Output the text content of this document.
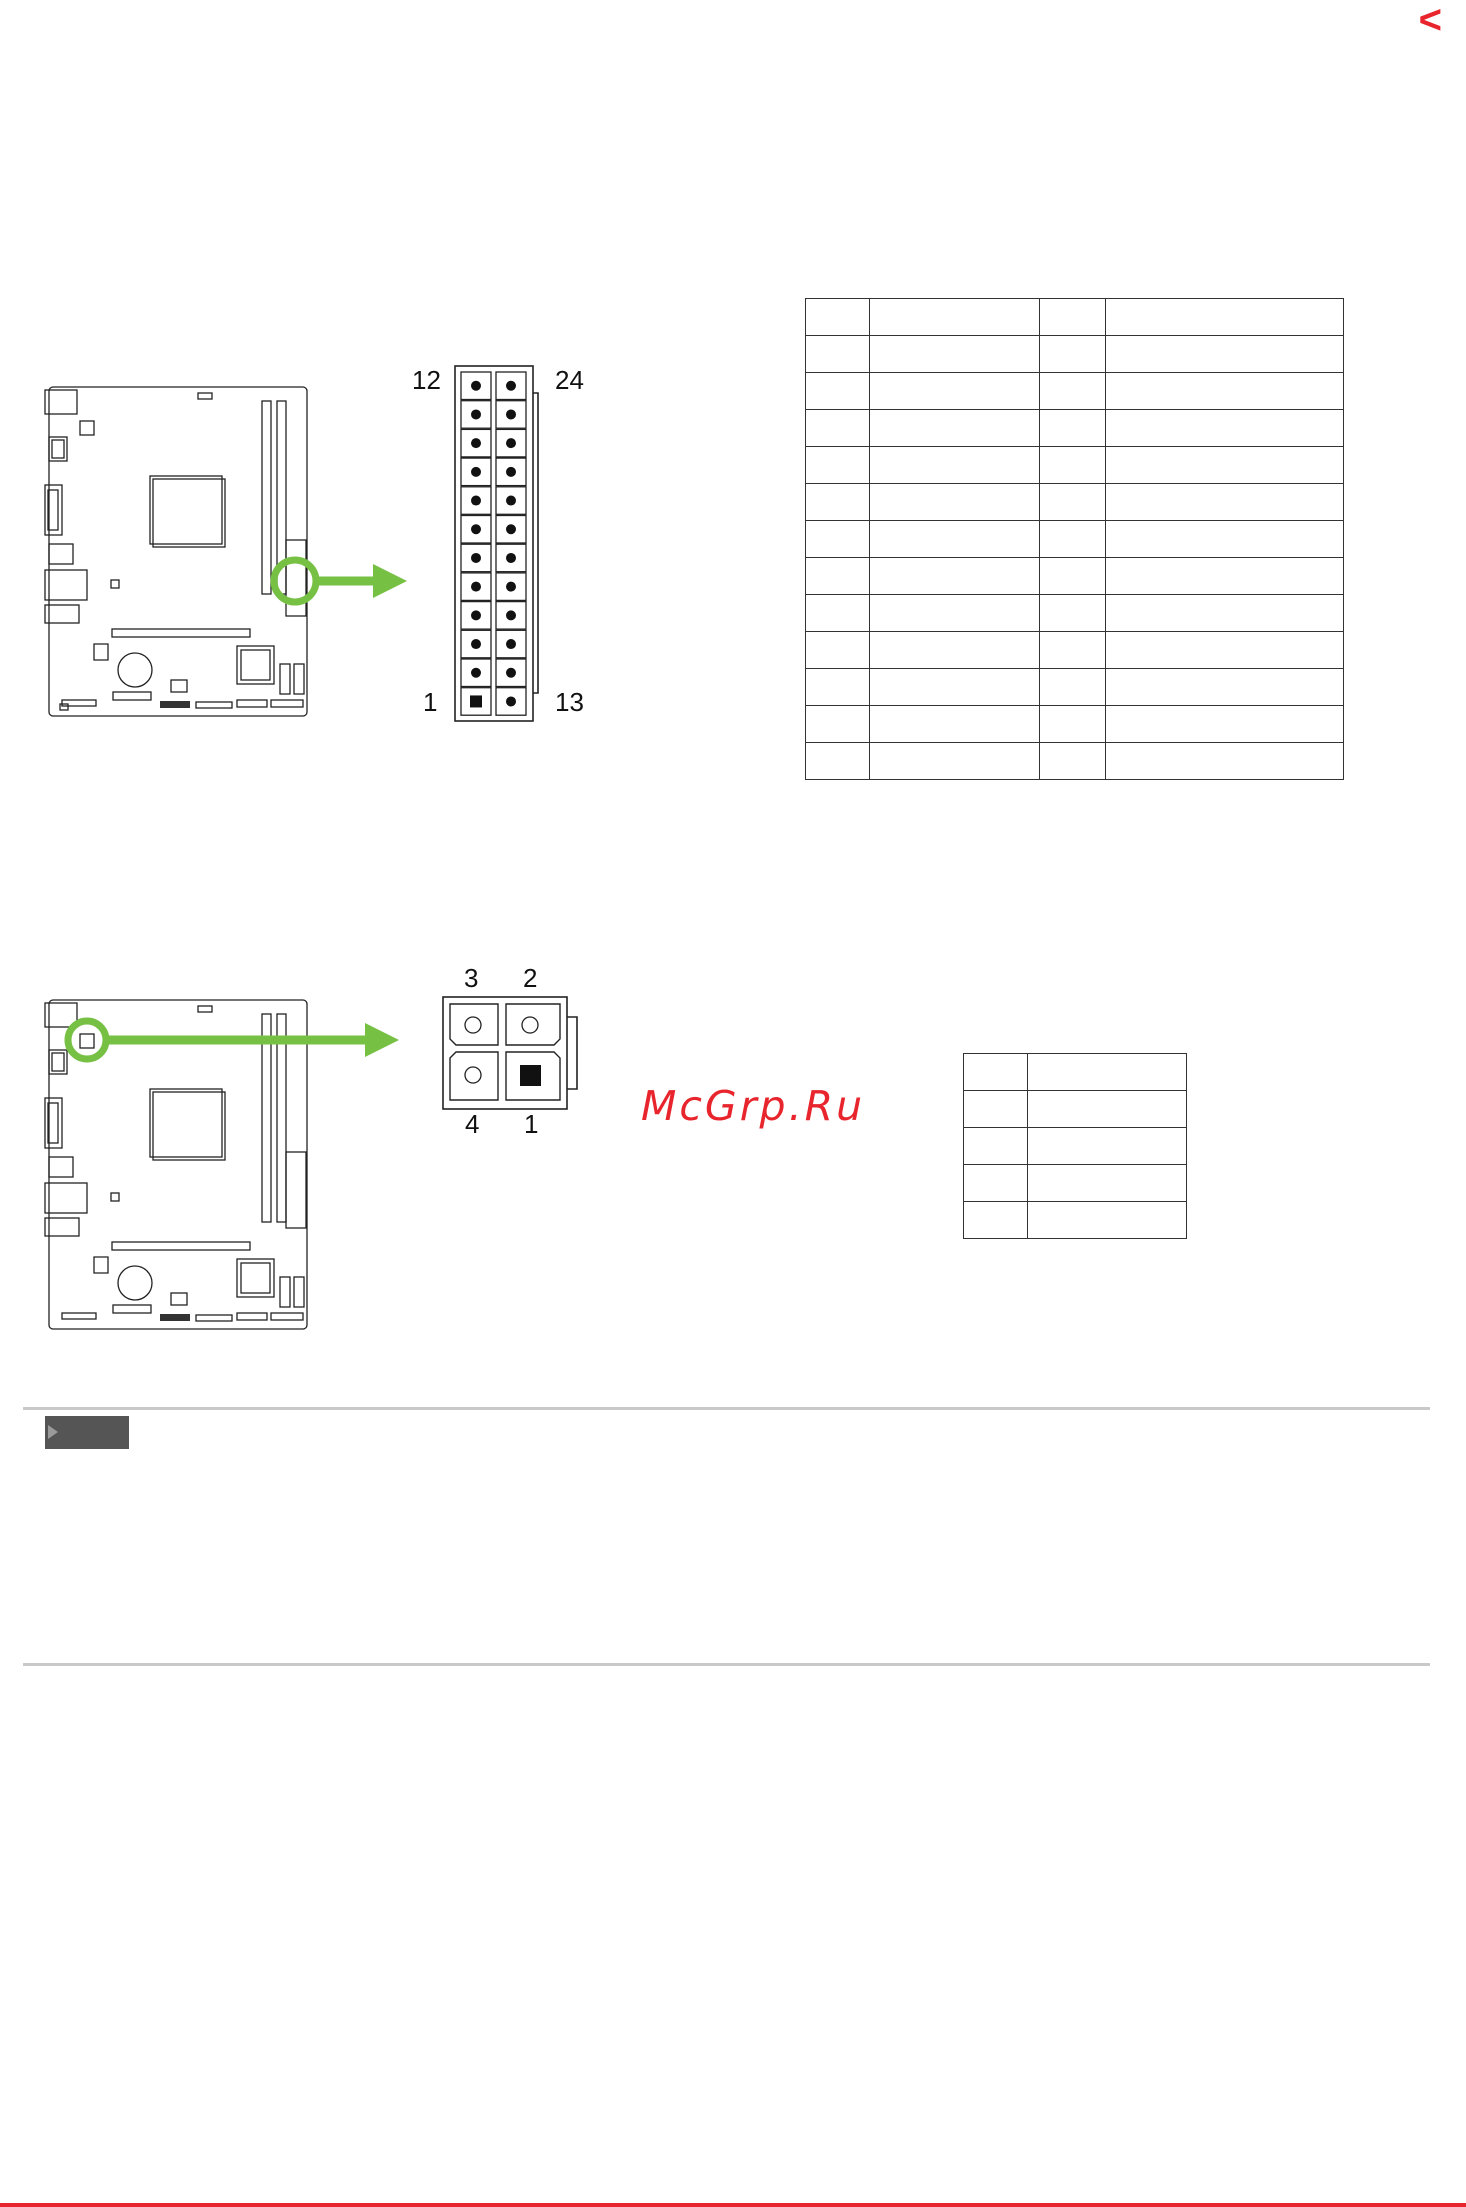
<
12	24
1	13
3 2
4 1

		McGrp.Ru
